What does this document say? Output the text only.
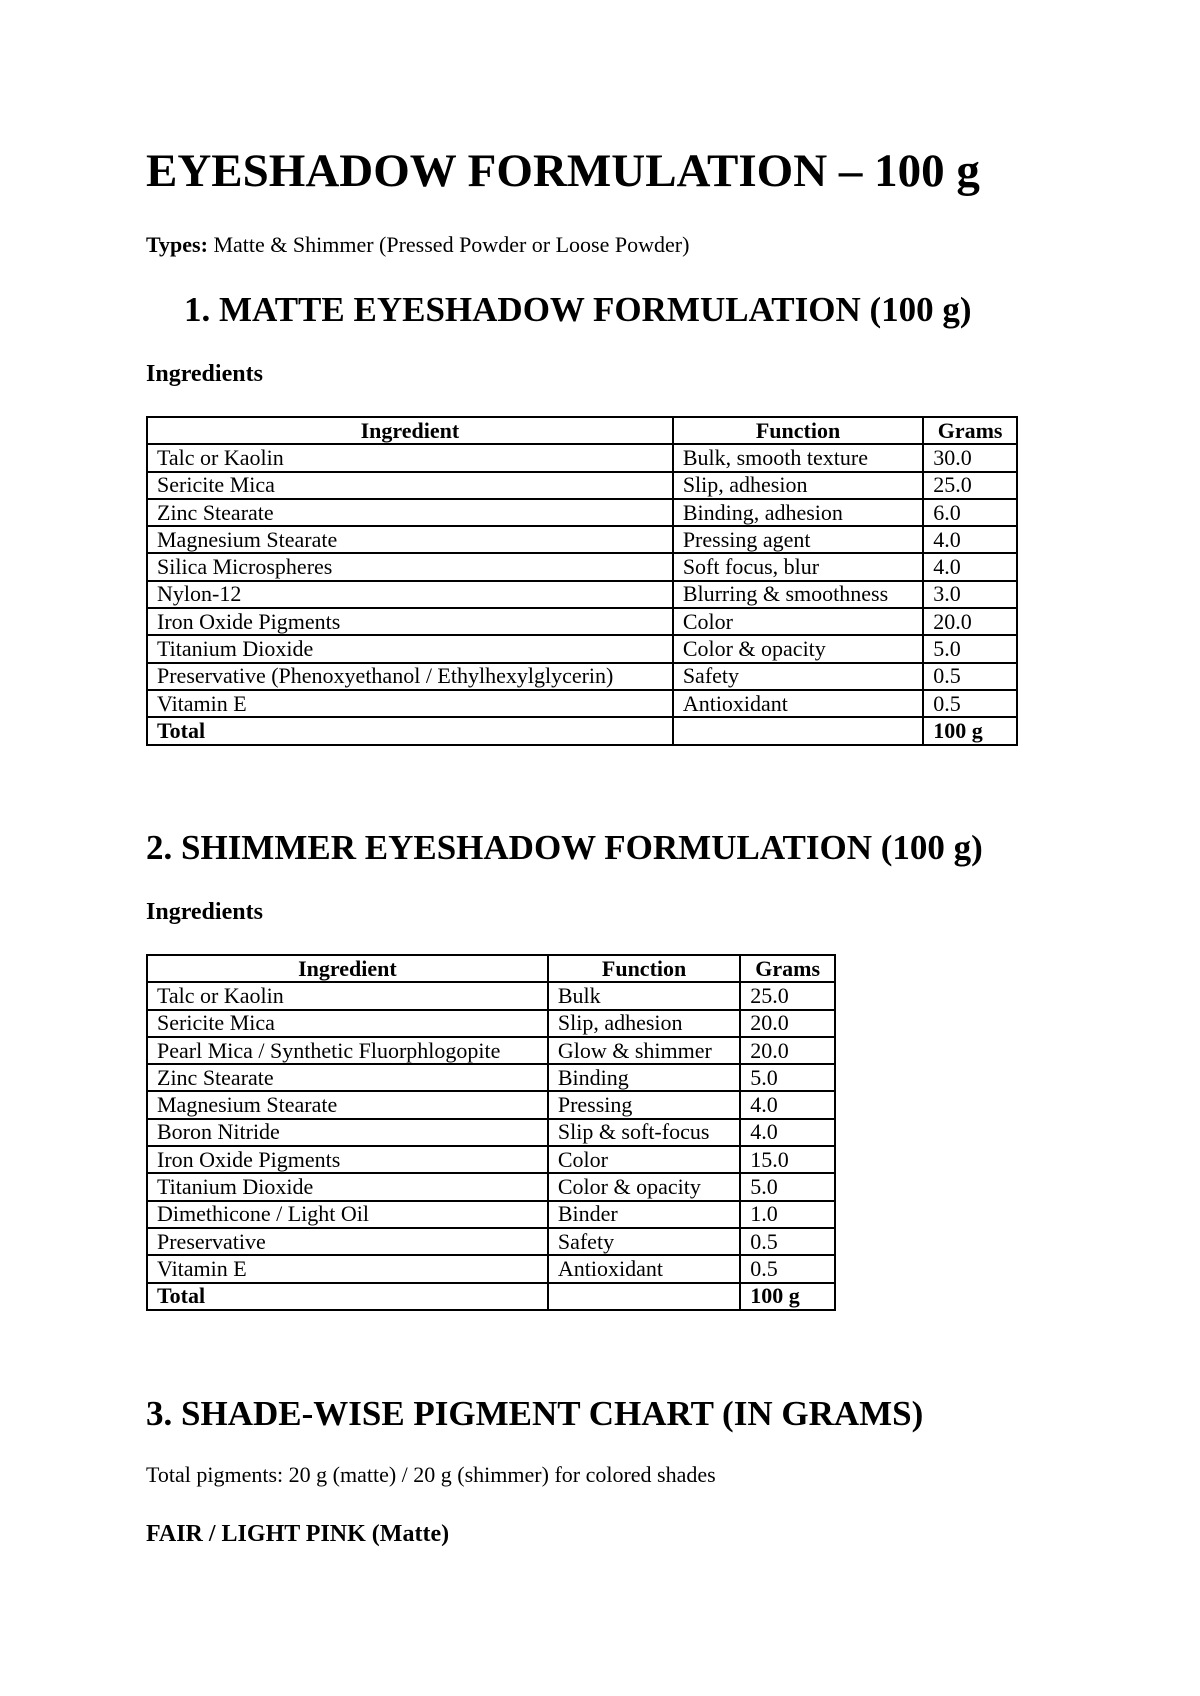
EYESHADOW FORMULATION – 100 g
Types: Matte & Shimmer (Pressed Powder or Loose Powder)
1. MATTE EYESHADOW FORMULATION (100 g)
Ingredients
Ingredient	Function	Grams
Talc or Kaolin	Bulk, smooth texture	30.0
Sericite Mica	Slip, adhesion	25.0
Zinc Stearate	Binding, adhesion	6.0
Magnesium Stearate	Pressing agent	4.0
Silica Microspheres	Soft focus, blur	4.0
Nylon-12	Blurring & smoothness	3.0
Iron Oxide Pigments	Color	20.0
Titanium Dioxide	Color & opacity	5.0
Preservative (Phenoxyethanol / Ethylhexylglycerin)	Safety	0.5
Vitamin E	Antioxidant	0.5
Total		100 g
2. SHIMMER EYESHADOW FORMULATION (100 g)
Ingredients
Ingredient	Function	Grams
Talc or Kaolin	Bulk	25.0
Sericite Mica	Slip, adhesion	20.0
Pearl Mica / Synthetic Fluorphlogopite	Glow & shimmer	20.0
Zinc Stearate	Binding	5.0
Magnesium Stearate	Pressing	4.0
Boron Nitride	Slip & soft-focus	4.0
Iron Oxide Pigments	Color	15.0
Titanium Dioxide	Color & opacity	5.0
Dimethicone / Light Oil	Binder	1.0
Preservative	Safety	0.5
Vitamin E	Antioxidant	0.5
Total		100 g
3. SHADE-WISE PIGMENT CHART (IN GRAMS)
Total pigments: 20 g (matte) / 20 g (shimmer) for colored shades
FAIR / LIGHT PINK (Matte)
